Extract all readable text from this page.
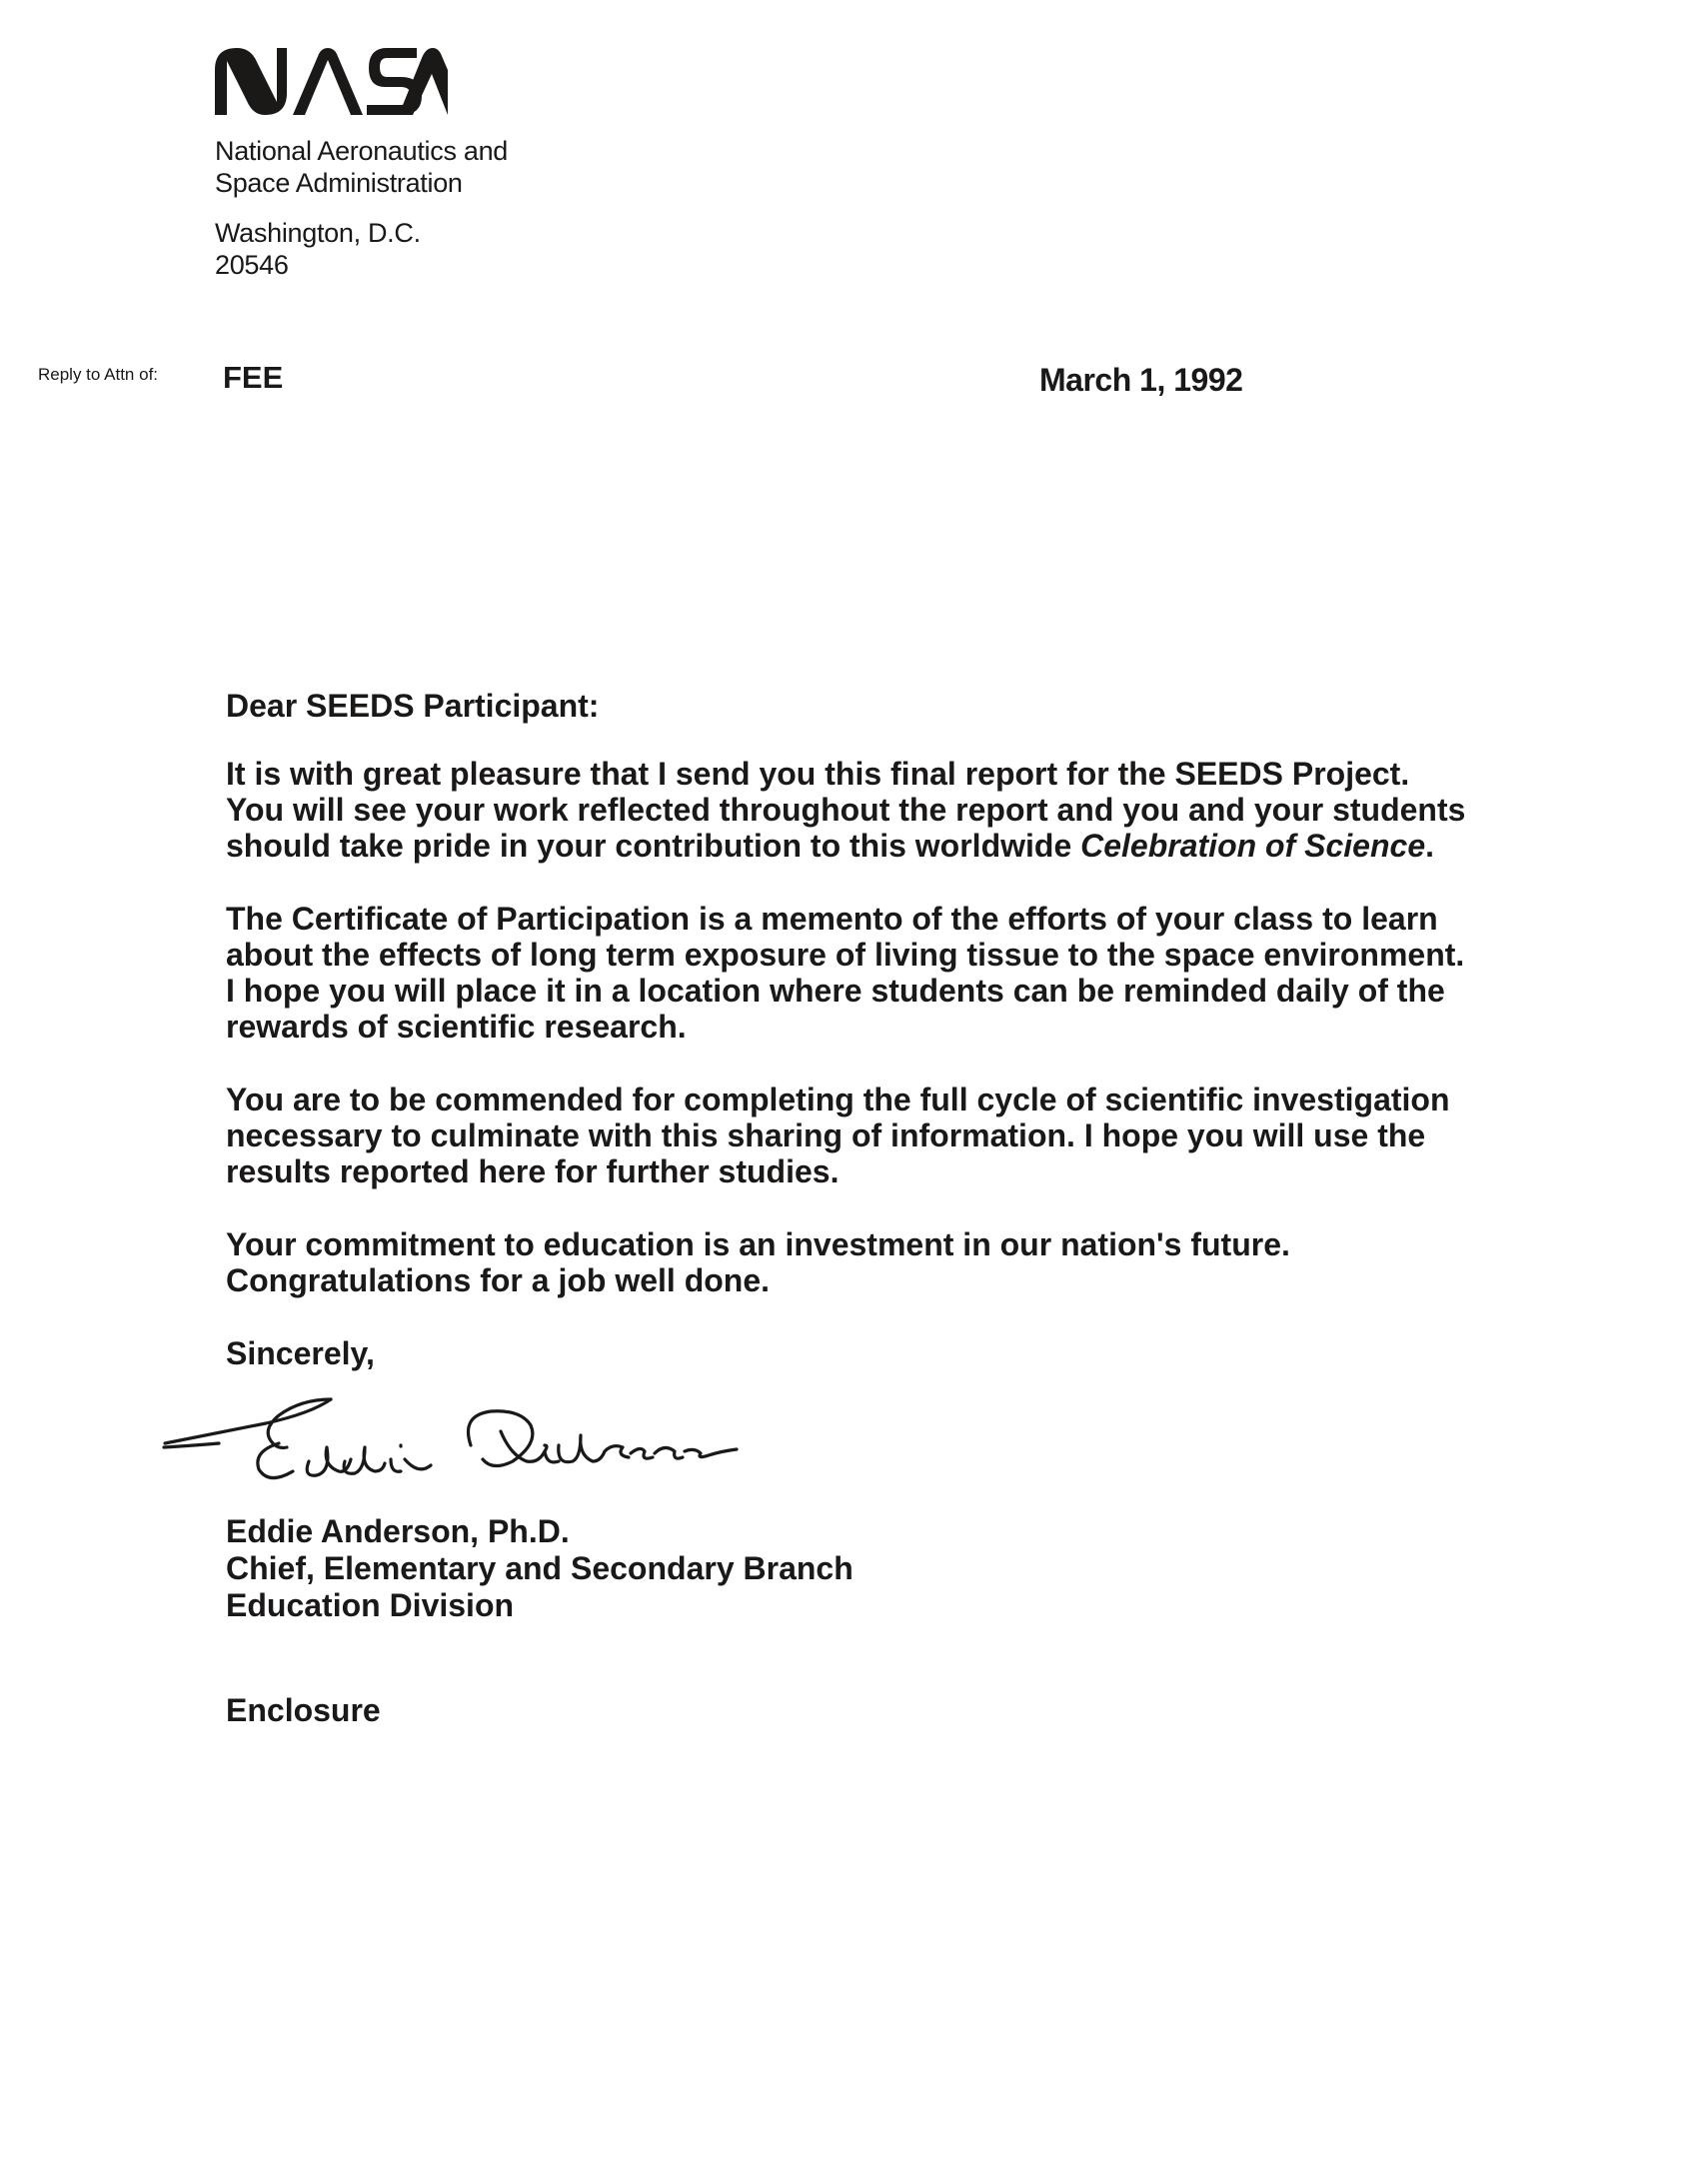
National Aeronautics and
Space Administration
Washington, D.C.
20546
Reply to Attn of: FEE	March 1, 1992

Dear SEEDS Participant:

It is with great pleasure that I send you this final report for the SEEDS Project. You will see your work reflected throughout the report and you and your students should take pride in your contribution to this worldwide Celebration of Science.

The Certificate of Participation is a memento of the efforts of your class to learn about the effects of long term exposure of living tissue to the space environment. I hope you will place it in a location where students can be reminded daily of the rewards of scientific research.

You are to be commended for completing the full cycle of scientific investigation necessary to culminate with this sharing of information. I hope you will use the results reported here for further studies.

Your commitment to education is an investment in our nation's future. Congratulations for a job well done.

Sincerely,

Eddie Anderson, Ph.D.
Chief, Elementary and Secondary Branch
Education Division
Enclosure
